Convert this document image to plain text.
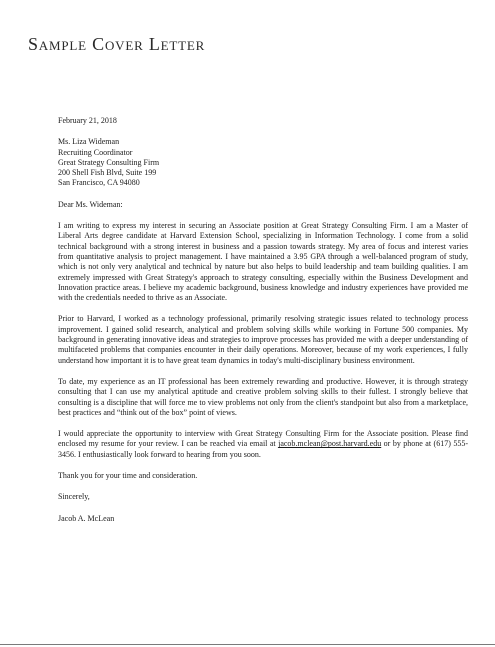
Sample Cover Letter
February 21, 2018
Ms. Liza Wideman
Recruiting Coordinator
Great Strategy Consulting Firm
200 Shell Fish Blvd, Suite 199
San Francisco, CA 94080
Dear Ms. Wideman:

I am writing to express my interest in securing an Associate position at Great Strategy Consulting Firm. I am a Master of Liberal Arts degree candidate at Harvard Extension School, specializing in Information Technology. I come from a solid technical background with a strong interest in business and a passion towards strategy. My area of focus and interest varies from quantitative analysis to project management. I have maintained a 3.95 GPA through a well-balanced program of study, which is not only very analytical and technical by nature but also helps to build leadership and team building qualities. I am extremely impressed with Great Strategy's approach to strategy consulting, especially within the Business Development and Innovation practice areas. I believe my academic background, business knowledge and industry experiences have provided me with the credentials needed to thrive as an Associate.

Prior to Harvard, I worked as a technology professional, primarily resolving strategic issues related to technology process improvement. I gained solid research, analytical and problem solving skills while working in Fortune 500 companies. My background in generating innovative ideas and strategies to improve processes has provided me with a deeper understanding of multifaceted problems that companies encounter in their daily operations. Moreover, because of my work experiences, I fully understand how important it is to have great team dynamics in today's multi-disciplinary business environment.

To date, my experience as an IT professional has been extremely rewarding and productive. However, it is through strategy consulting that I can use my analytical aptitude and creative problem solving skills to their fullest. I strongly believe that consulting is a discipline that will force me to view problems not only from the client's standpoint but also from a marketplace, best practices and “think out of the box” point of views.

I would appreciate the opportunity to interview with Great Strategy Consulting Firm for the Associate position. Please find enclosed my resume for your review. I can be reached via email at jacob.mclean@post.harvard.edu or by phone at (617) 555-3456. I enthusiastically look forward to hearing from you soon.

Thank you for your time and consideration.
Sincerely,
Jacob A. McLean
